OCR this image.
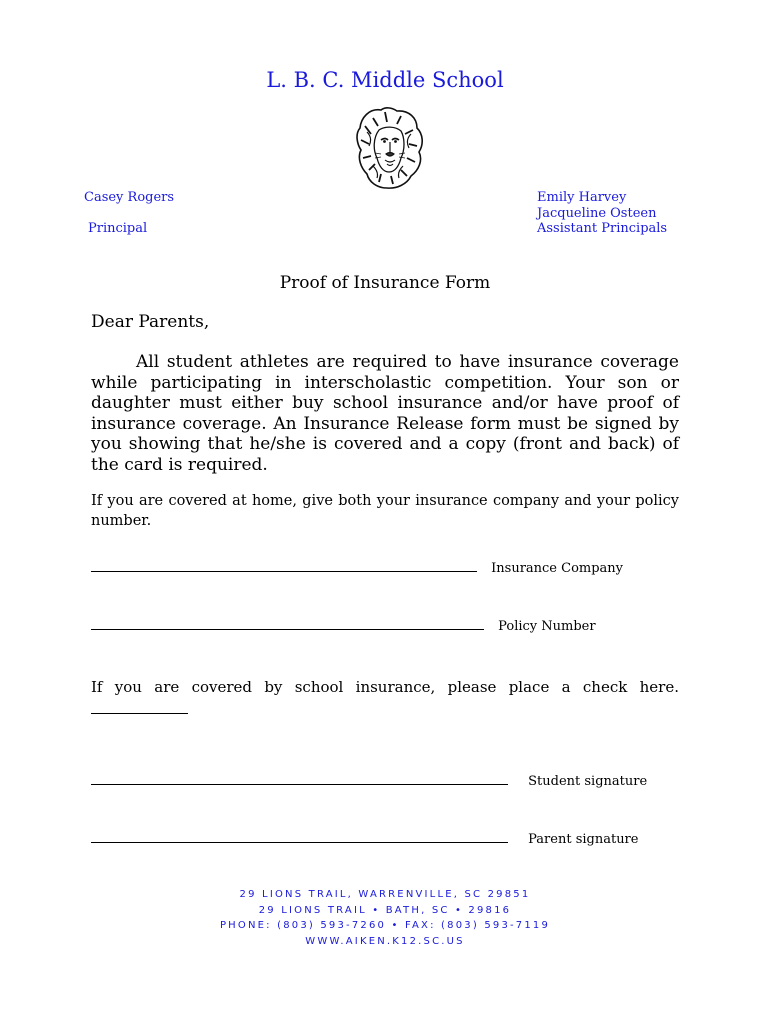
L. B. C. Middle School
Casey Rogers
Principal
Emily Harvey
Jacqueline Osteen
Assistant Principals
Proof of Insurance Form
Dear Parents,
All student athletes are required to have insurance coverage while participating in interscholastic competition. Your son or daughter must either buy school insurance and/or have proof of insurance coverage. An Insurance Release form must be signed by you showing that he/she is covered and a copy (front and back) of the card is required.
If you are covered at home, give both your insurance company and your policy number.
Insurance Company
Policy Number
If you are covered by school insurance, please place a check here.
Student signature
Parent signature
29 LIONS TRAIL, WARRENVILLE, SC 29851
29 LIONS TRAIL • BATH, SC • 29816
PHONE: (803) 593-7260 • FAX: (803) 593-7119
WWW.AIKEN.K12.SC.US
